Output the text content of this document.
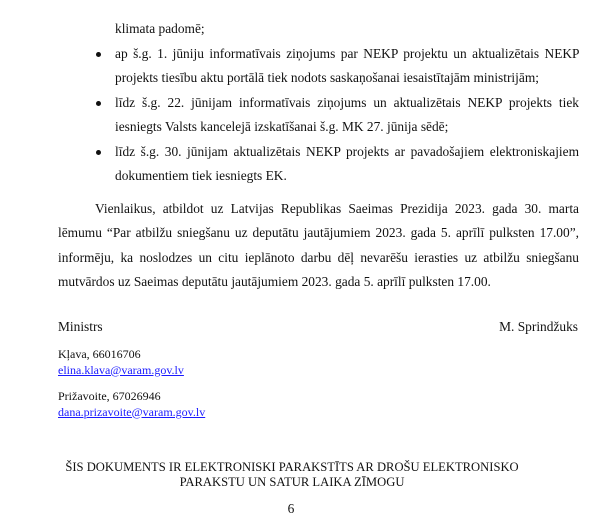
klimata padomē;
ap š.g. 1. jūniju informatīvais ziņojums par NEKP projektu un aktualizētais NEKP projekts tiesību aktu portālā tiek nodots saskaņošanai iesaistītajām ministrijām;
līdz š.g. 22. jūnijam informatīvais ziņojums un aktualizētais NEKP projekts tiek iesniegts Valsts kancelejā izskatīšanai š.g. MK 27. jūnija sēdē;
līdz š.g. 30. jūnijam aktualizētais NEKP projekts ar pavadošajiem elektroniskajiem dokumentiem tiek iesniegts EK.

Vienlaikus, atbildot uz Latvijas Republikas Saeimas Prezidija 2023. gada 30. marta lēmumu “Par atbilžu sniegšanu uz deputātu jautājumiem 2023. gada 5. aprīlī pulksten 17.00”, informēju, ka noslodzes un citu ieplānoto darbu dēļ nevarēšu ierasties uz atbilžu sniegšanu mutvārdos uz Saeimas deputātu jautājumiem 2023. gada 5. aprīlī pulksten 17.00.

Ministrs	M. Sprindžuks
Kļava, 66016706
elina.klava@varam.gov.lv
Prižavoite, 67026946
dana.prizavoite@varam.gov.lv
ŠIS DOKUMENTS IR ELEKTRONISKI PARAKSTĪTS AR DROŠU ELEKTRONISKO
PARAKSTU UN SATUR LAIKA ZĪMOGU
6
